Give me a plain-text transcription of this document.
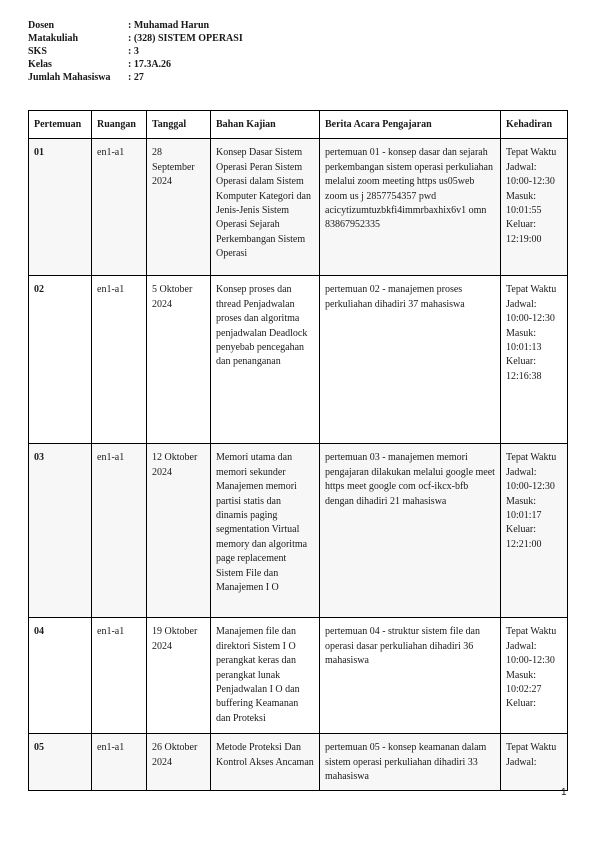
Dosen	: Muhamad Harun
Matakuliah	: (328) SISTEM OPERASI
SKS	: 3
Kelas	: 17.3A.26
Jumlah Mahasiswa	: 27
Pertemuan	Ruangan	Tanggal	Bahan Kajian	Berita Acara Pengajaran	Kehadiran
01	en1-a1	28 September 2024	Konsep Dasar Sistem Operasi Peran Sistem Operasi dalam Sistem Komputer Kategori dan Jenis-Jenis Sistem Operasi Sejarah Perkembangan Sistem Operasi	pertemuan 01 - konsep dasar dan sejarah perkembangan sistem operasi perkuliahan melalui zoom meeting https us05web zoom us j 2857754357 pwd acicytizumtuzbkfi4immrbaxhix6v1 omn 83867952335	Tepat Waktu Jadwal: 10:00-12:30 Masuk: 10:01:55 Keluar: 12:19:00
02	en1-a1	5 Oktober 2024	Konsep proses dan thread Penjadwalan proses dan algoritma penjadwalan Deadlock penyebab pencegahan dan penanganan	pertemuan 02 - manajemen proses perkuliahan dihadiri 37 mahasiswa	Tepat Waktu Jadwal: 10:00-12:30 Masuk: 10:01:13 Keluar: 12:16:38
03	en1-a1	12 Oktober 2024	Memori utama dan memori sekunder Manajemen memori partisi statis dan dinamis paging segmentation Virtual memory dan algoritma page replacement Sistem File dan Manajemen I O	pertemuan 03 - manajemen memori pengajaran dilakukan melalui google meet https meet google com ocf-ikcx-bfb dengan dihadiri 21 mahasiswa	Tepat Waktu Jadwal: 10:00-12:30 Masuk: 10:01:17 Keluar: 12:21:00
04	en1-a1	19 Oktober 2024	Manajemen file dan direktori Sistem I O perangkat keras dan perangkat lunak Penjadwalan I O dan buffering Keamanan dan Proteksi	pertemuan 04 - struktur sistem file dan operasi dasar perkuliahan dihadiri 36 mahasiswa	Tepat Waktu Jadwal: 10:00-12:30 Masuk: 10:02:27 Keluar:
05	en1-a1	26 Oktober 2024	Metode Proteksi Dan Kontrol Akses Ancaman	pertemuan 05 - konsep keamanan dalam sistem operasi perkuliahan dihadiri 33 mahasiswa	Tepat Waktu Jadwal:
1
